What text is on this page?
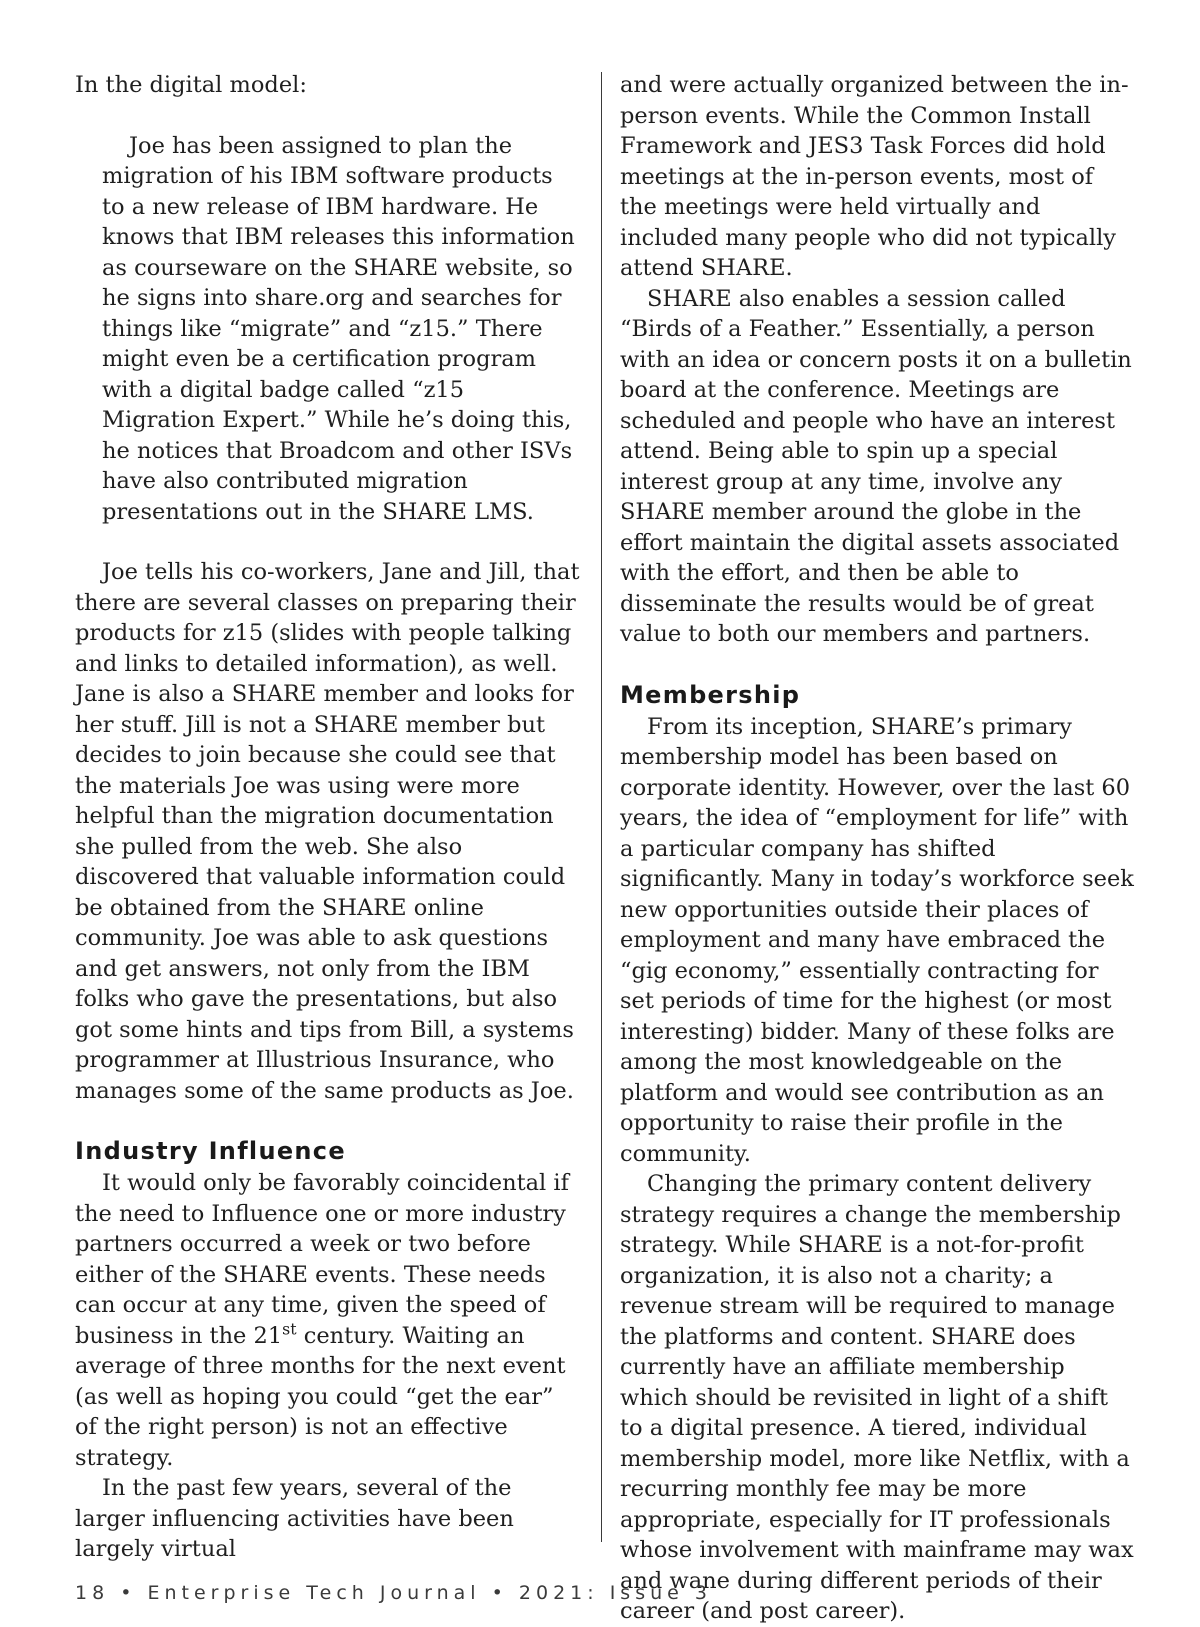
In the digital model:

Joe has been assigned to plan the migration of his IBM software products to a new release of IBM hardware. He knows that IBM releases this information as courseware on the SHARE website, so he signs into share.org and searches for things like “migrate” and “z15.” There might even be a certification program with a digital badge called “z15 Migration Expert.” While he’s doing this, he notices that Broadcom and other ISVs have also contributed migration presentations out in the SHARE LMS.

Joe tells his co-workers, Jane and Jill, that there are several classes on preparing their products for z15 (slides with people talking and links to detailed information), as well. Jane is also a SHARE member and looks for her stuff. Jill is not a SHARE member but decides to join because she could see that the materials Joe was using were more helpful than the migration documentation she pulled from the web. She also discovered that valuable information could be obtained from the SHARE online community. Joe was able to ask questions and get answers, not only from the IBM folks who gave the presentations, but also got some hints and tips from Bill, a systems programmer at Illustrious Insurance, who manages some of the same products as Joe.

Industry Influence

It would only be favorably coincidental if the need to Influence one or more industry partners occurred a week or two before either of the SHARE events. These needs can occur at any time, given the speed of business in the 21st century. Waiting an average of three months for the next event (as well as hoping you could “get the ear” of the right person) is not an effective strategy.

In the past few years, several of the larger influencing activities have been largely virtual

and were actually organized between the in-person events. While the Common Install Framework and JES3 Task Forces did hold meetings at the in-person events, most of the meetings were held virtually and included many people who did not typically attend SHARE.

SHARE also enables a session called “Birds of a Feather.” Essentially, a person with an idea or concern posts it on a bulletin board at the conference. Meetings are scheduled and people who have an interest attend. Being able to spin up a special interest group at any time, involve any SHARE member around the globe in the effort maintain the digital assets associated with the effort, and then be able to disseminate the results would be of great value to both our members and partners.

Membership

From its inception, SHARE’s primary membership model has been based on corporate identity. However, over the last 60 years, the idea of “employment for life” with a particular company has shifted significantly. Many in today’s workforce seek new opportunities outside their places of employment and many have embraced the “gig economy,” essentially contracting for set periods of time for the highest (or most interesting) bidder. Many of these folks are among the most knowledgeable on the platform and would see contribution as an opportunity to raise their profile in the community.

Changing the primary content delivery strategy requires a change the membership strategy. While SHARE is a not-for-profit organization, it is also not a charity; a revenue stream will be required to manage the platforms and content. SHARE does currently have an affiliate membership which should be revisited in light of a shift to a digital presence. A tiered, individual membership model, more like Netflix, with a recurring monthly fee may be more appropriate, especially for IT professionals whose involvement with mainframe may wax and wane during different periods of their career (and post career).

18 • Enterprise Tech Journal • 2021: Issue 3
